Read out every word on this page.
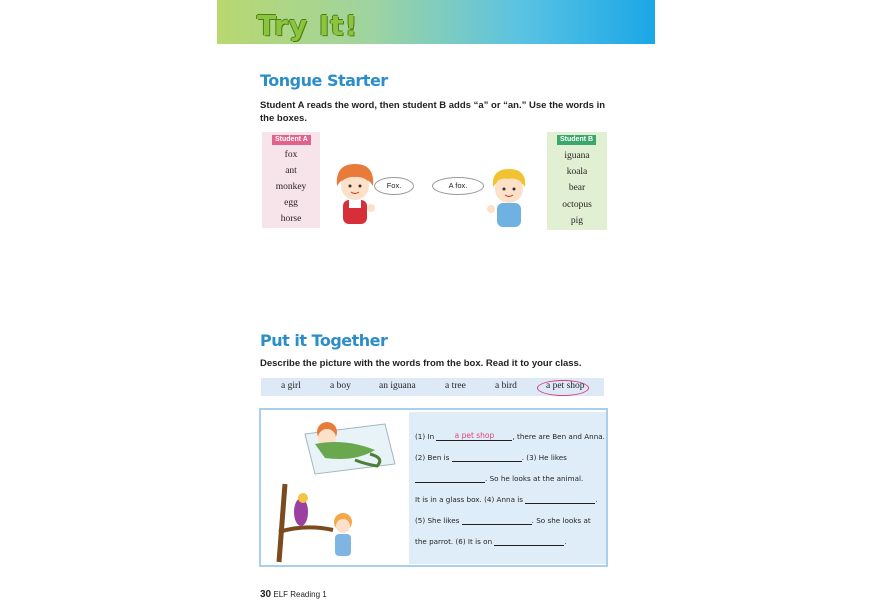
Try It!
Tongue Starter
Student A reads the word, then student B adds “a” or “an.” Use the words in the boxes.
Student A
fox
ant
monkey
egg
horse
Student B
iguana
koala
bear
octopus
pig
Fox.	A fox.
Put it Together
Describe the picture with the words from the box. Read it to your class.
a girl	a boy	an iguana	a tree	a bird	a pet shop
(1) In	a pet shop	, there are Ben and Anna.
(2) Ben is	. (3) He likes
. So he looks at the animal.
It is in a glass box. (4) Anna is	.
(5) She likes	. So she looks at
the parrot. (6) It is on	.
30 ELF Reading 1
